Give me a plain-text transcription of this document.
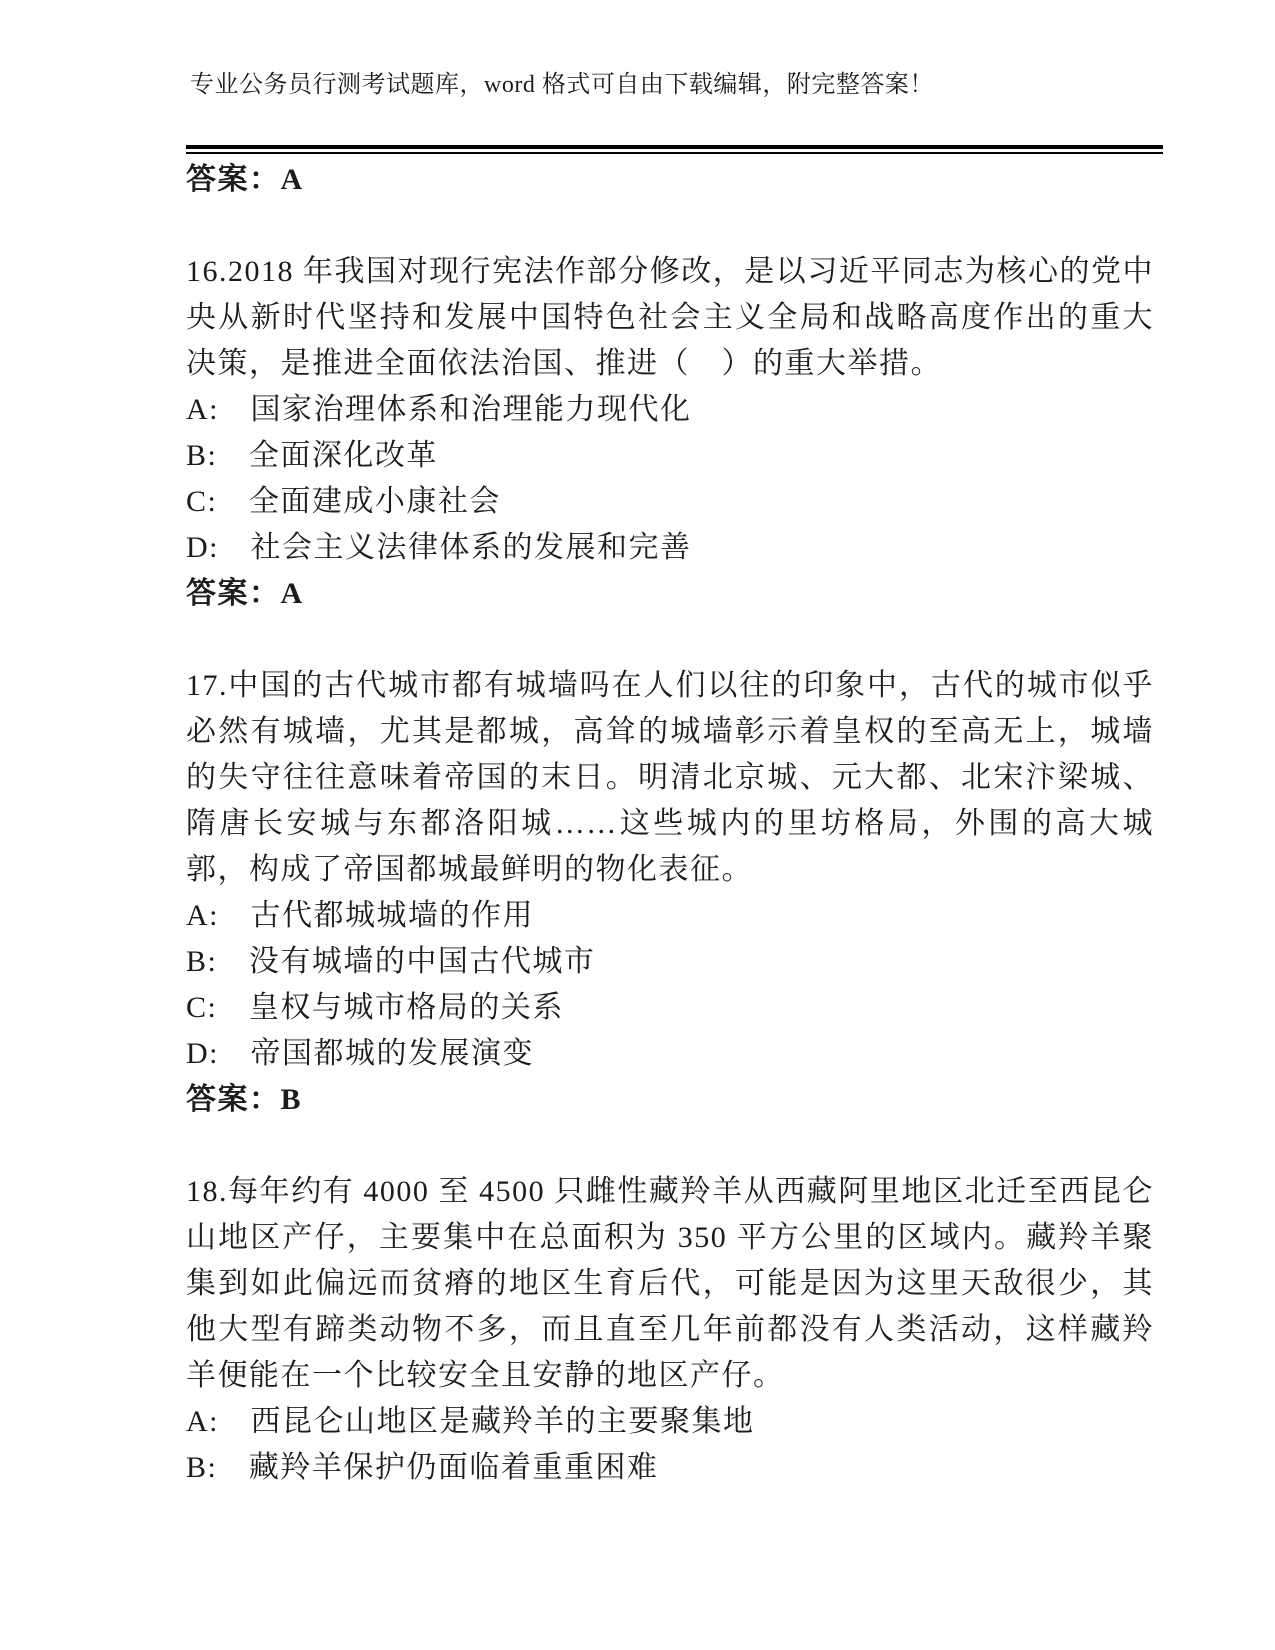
专业公务员行测考试题库，word 格式可自由下载编辑，附完整答案！

答案：A

16.2018 年我国对现行宪法作部分修改，是以习近平同志为核心的党中央从新时代坚持和发展中国特色社会主义全局和战略高度作出的重大决策，是推进全面依法治国、推进（　）的重大举措。

A:　国家治理体系和治理能力现代化

B:　全面深化改革

C:　全面建成小康社会

D:　社会主义法律体系的发展和完善

答案：A

17.中国的古代城市都有城墙吗在人们以往的印象中，古代的城市似乎必然有城墙，尤其是都城，高耸的城墙彰示着皇权的至高无上，城墙的失守往往意味着帝国的末日。明清北京城、元大都、北宋汴梁城、隋唐长安城与东都洛阳城……这些城内的里坊格局，外围的高大城郭，构成了帝国都城最鲜明的物化表征。

A:　古代都城城墙的作用

B:　没有城墙的中国古代城市

C:　皇权与城市格局的关系

D:　帝国都城的发展演变

答案：B

18.每年约有 4000 至 4500 只雌性藏羚羊从西藏阿里地区北迁至西昆仑山地区产仔，主要集中在总面积为 350 平方公里的区域内。藏羚羊聚集到如此偏远而贫瘠的地区生育后代，可能是因为这里天敌很少，其他大型有蹄类动物不多，而且直至几年前都没有人类活动，这样藏羚羊便能在一个比较安全且安静的地区产仔。

A:　西昆仑山地区是藏羚羊的主要聚集地

B:　藏羚羊保护仍面临着重重困难
